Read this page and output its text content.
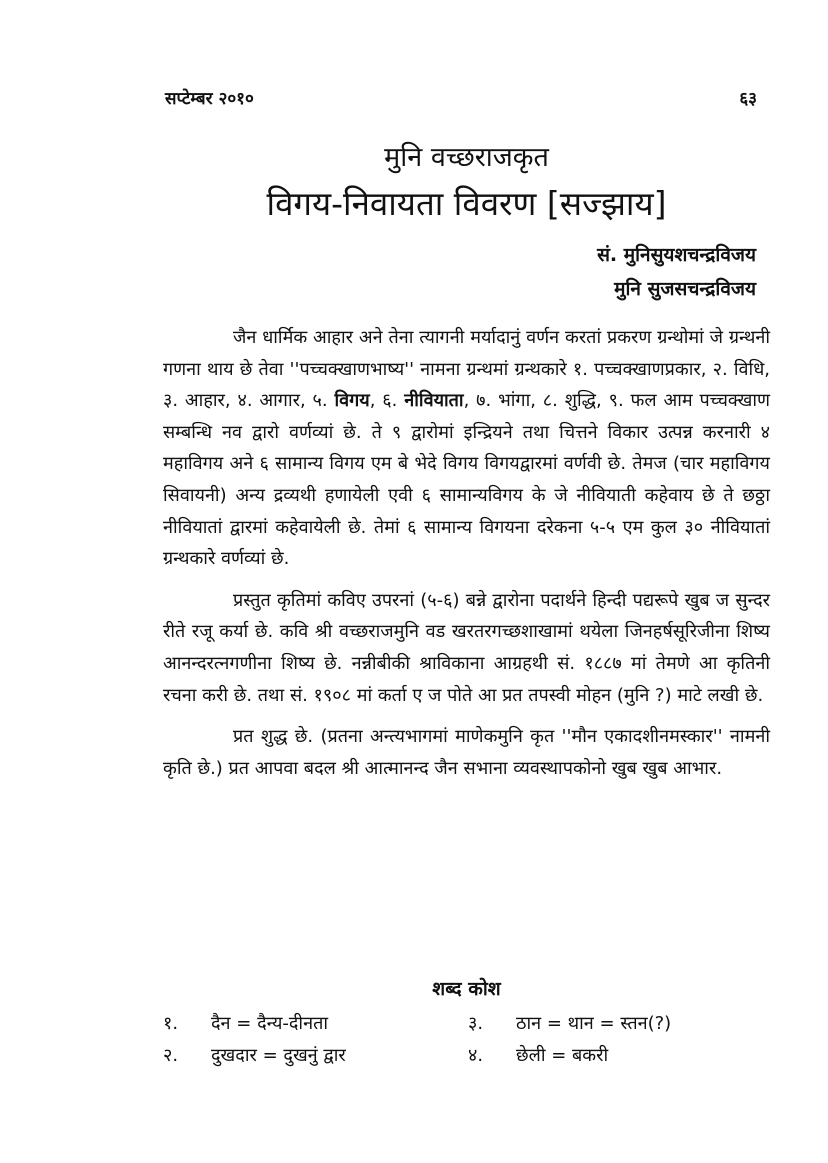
सप्टेम्बर २०१०	६३
मुनि वच्छराजकृत
विगय-निवायता विवरण [सज्झाय]
सं. मुनिसुयशचन्द्रविजय
मुनि सुजसचन्द्रविजय

जैन धार्मिक आहार अने तेना त्यागनी मर्यादानुं वर्णन करतां प्रकरण ग्रन्थोमां जे ग्रन्थनी गणना थाय छे तेवा ''पच्चक्खाणभाष्य'' नामना ग्रन्थमां ग्रन्थकारे १. पच्चक्खाणप्रकार, २. विधि, ३. आहार, ४. आगार, ५. विगय, ६. नीवियाता, ७. भांगा, ८. शुद्धि, ९. फल आम पच्चक्खाण सम्बन्धि नव द्वारो वर्णव्यां छे. ते ९ द्वारोमां इन्द्रियने तथा चित्तने विकार उत्पन्न करनारी ४ महाविगय अने ६ सामान्य विगय एम बे भेदे विगय विगयद्वारमां वर्णवी छे. तेमज (चार महाविगय सिवायनी) अन्य द्रव्यथी हणायेली एवी ६ सामान्यविगय के जे नीवियाती कहेवाय छे ते छठ्ठा नीवियातां द्वारमां कहेवायेली छे. तेमां ६ सामान्य विगयना दरेकना ५-५ एम कुल ३० नीवियातां ग्रन्थकारे वर्णव्यां छे.

प्रस्तुत कृतिमां कविए उपरनां (५-६) बन्ने द्वारोना पदार्थने हिन्दी पद्यरूपे खुब ज सुन्दर रीते रजू कर्या छे. कवि श्री वच्छराजमुनि वड खरतरगच्छशाखामां थयेला जिनहर्षसूरिजीना शिष्य आनन्दरत्नगणीना शिष्य छे. नन्नीबीकी श्राविकाना आग्रहथी सं. १८८७ मां तेमणे आ कृतिनी रचना करी छे. तथा सं. १९०८ मां कर्ता ए ज पोते आ प्रत तपस्वी मोहन (मुनि ?) माटे लखी छे.

प्रत शुद्ध छे. (प्रतना अन्त्यभागमां माणेकमुनि कृत ''मौन एकादशीनमस्कार'' नामनी कृति छे.) प्रत आपवा बदल श्री आत्मानन्द जैन सभाना व्यवस्थापकोनो खुब खुब आभार.

शब्द कोश
१.	दैन = दैन्य-दीनता	३.	ठान = थान = स्तन(?)
२.	दुखदार = दुखनुं द्वार	४.	छेली = बकरी
